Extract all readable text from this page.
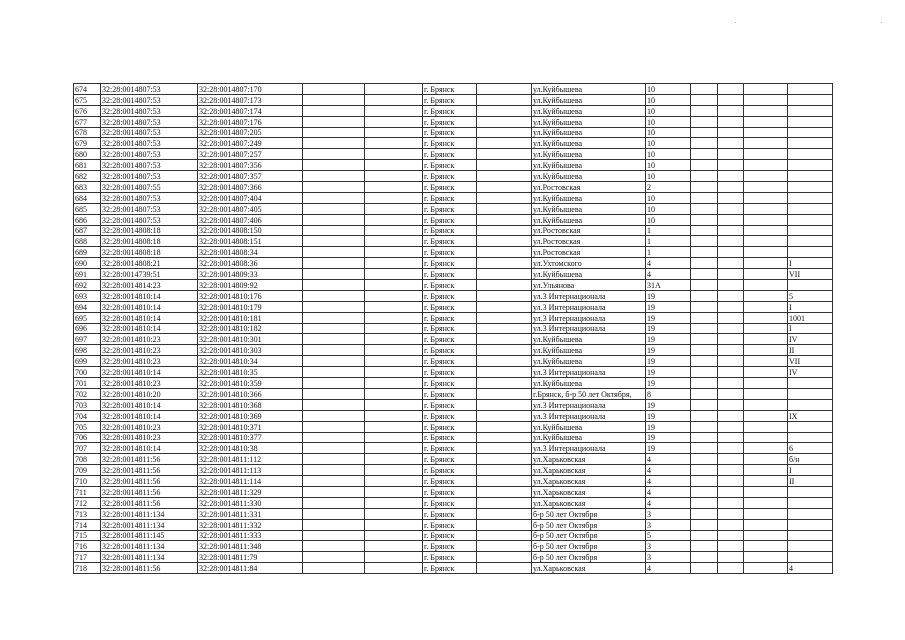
674	32:28:0014807:53	32:28:0014807:170			г. Брянск		ул.Куйбышева	10				
675	32:28:0014807:53	32:28:0014807:173			г. Брянск		ул.Куйбышева	10				
676	32:28:0014807:53	32:28:0014807:174			г. Брянск		ул.Куйбышева	10				
677	32:28:0014807:53	32:28:0014807:176			г. Брянск		ул.Куйбышева	10				
678	32:28:0014807:53	32:28:0014807:205			г. Брянск		ул.Куйбышева	10				
679	32:28:0014807:53	32:28:0014807:249			г. Брянск		ул.Куйбышева	10				
680	32:28:0014807:53	32:28:0014807:257			г. Брянск		ул.Куйбышева	10				
681	32:28:0014807:53	32:28:0014807:356			г. Брянск		ул.Куйбышева	10				
682	32:28:0014807:53	32:28:0014807:357			г. Брянск		ул.Куйбышева	10				
683	32:28:0014807:55	32:28:0014807:366			г. Брянск		ул.Ростовская	2				
684	32:28:0014807:53	32:28:0014807:404			г. Брянск		ул.Куйбышева	10				
685	32:28:0014807:53	32:28:0014807:405			г. Брянск		ул.Куйбышева	10				
686	32:28:0014807:53	32:28:0014807:406			г. Брянск		ул.Куйбышева	10				
687	32:28:0014808:18	32:28:0014808:150			г. Брянск		ул.Ростовская	1				
688	32:28:0014808:18	32:28:0014808:151			г. Брянск		ул.Ростовская	1				
689	32:28:0014808:18	32:28:0014808:34			г. Брянск		ул.Ростовская	1				
690	32:28:0014808:21	32:28:0014808:36			г. Брянск		ул.Ухтомского	4				I
691	32:28:0014739:51	32:28:0014809:33			г. Брянск		ул.Куйбышева	4				VII
692	32:28:0014814:23	32:28:0014809:92			г. Брянск		ул.Ульянова	31А				
693	32:28:0014810:14	32:28:0014810:176			г. Брянск		ул.3 Интернационала	19				5
694	32:28:0014810:14	32:28:0014810:179			г. Брянск		ул.3 Интернационала	19				I
695	32:28:0014810:14	32:28:0014810:181			г. Брянск		ул.3 Интернационала	19				1001
696	32:28:0014810:14	32:28:0014810:182			г. Брянск		ул.3 Интернационала	19				I
697	32:28:0014810:23	32:28:0014810:301			г. Брянск		ул.Куйбышева	19				IV
698	32:28:0014810:23	32:28:0014810:303			г. Брянск		ул.Куйбышева	19				II
699	32:28:0014810:23	32:28:0014810:34			г. Брянск		ул.Куйбышева	19				VII
700	32:28:0014810:14	32:28:0014810:35			г. Брянск		ул.3 Интернационала	19				IV
701	32:28:0014810:23	32:28:0014810:359			г. Брянск		ул.Куйбышева	19				
702	32:28:0014810:20	32:28:0014810:366			г. Брянск		г.Брянск, б-р 50 лет Октября,	8				
703	32:28:0014810:14	32:28:0014810:368			г. Брянск		ул.3 Интернационала	19				
704	32:28:0014810:14	32:28:0014810:369			г. Брянск		ул.3 Интернационала	19				IX
705	32:28:0014810:23	32:28:0014810:371			г. Брянск		ул.Куйбышева	19				
706	32:28:0014810:23	32:28:0014810:377			г. Брянск		ул.Куйбышева	19				
707	32:28:0014810:14	32:28:0014810:38			г. Брянск		ул.3 Интернационала	19				6
708	32:28:0014811:56	32:28:0014811:112			г. Брянск		ул.Харьковская	4				б/н
709	32:28:0014811:56	32:28:0014811:113			г. Брянск		ул.Харьковская	4				I
710	32:28:0014811:56	32:28:0014811:114			г. Брянск		ул.Харьковская	4				II
711	32:28:0014811:56	32:28:0014811:329			г. Брянск		ул.Харьковская	4				
712	32:28:0014811:56	32:28:0014811:330			г. Брянск		ул.Харьковская	4				
713	32:28:0014811:134	32:28:0014811:331			г. Брянск		б-р 50 лет Октября	3				
714	32:28:0014811:134	32:28:0014811:332			г. Брянск		б-р 50 лет Октября	3				
715	32:28:0014811:145	32:28:0014811:333			г. Брянск		б-р 50 лет Октября	5				
716	32:28:0014811:134	32:28:0014811:348			г. Брянск		б-р 50 лет Октября	3				
717	32:28:0014811:134	32:28:0014811:79			г. Брянск		б-р 50 лет Октября	3				
718	32:28:0014811:56	32:28:0014811:84			г. Брянск		ул.Харьковская	4				4
